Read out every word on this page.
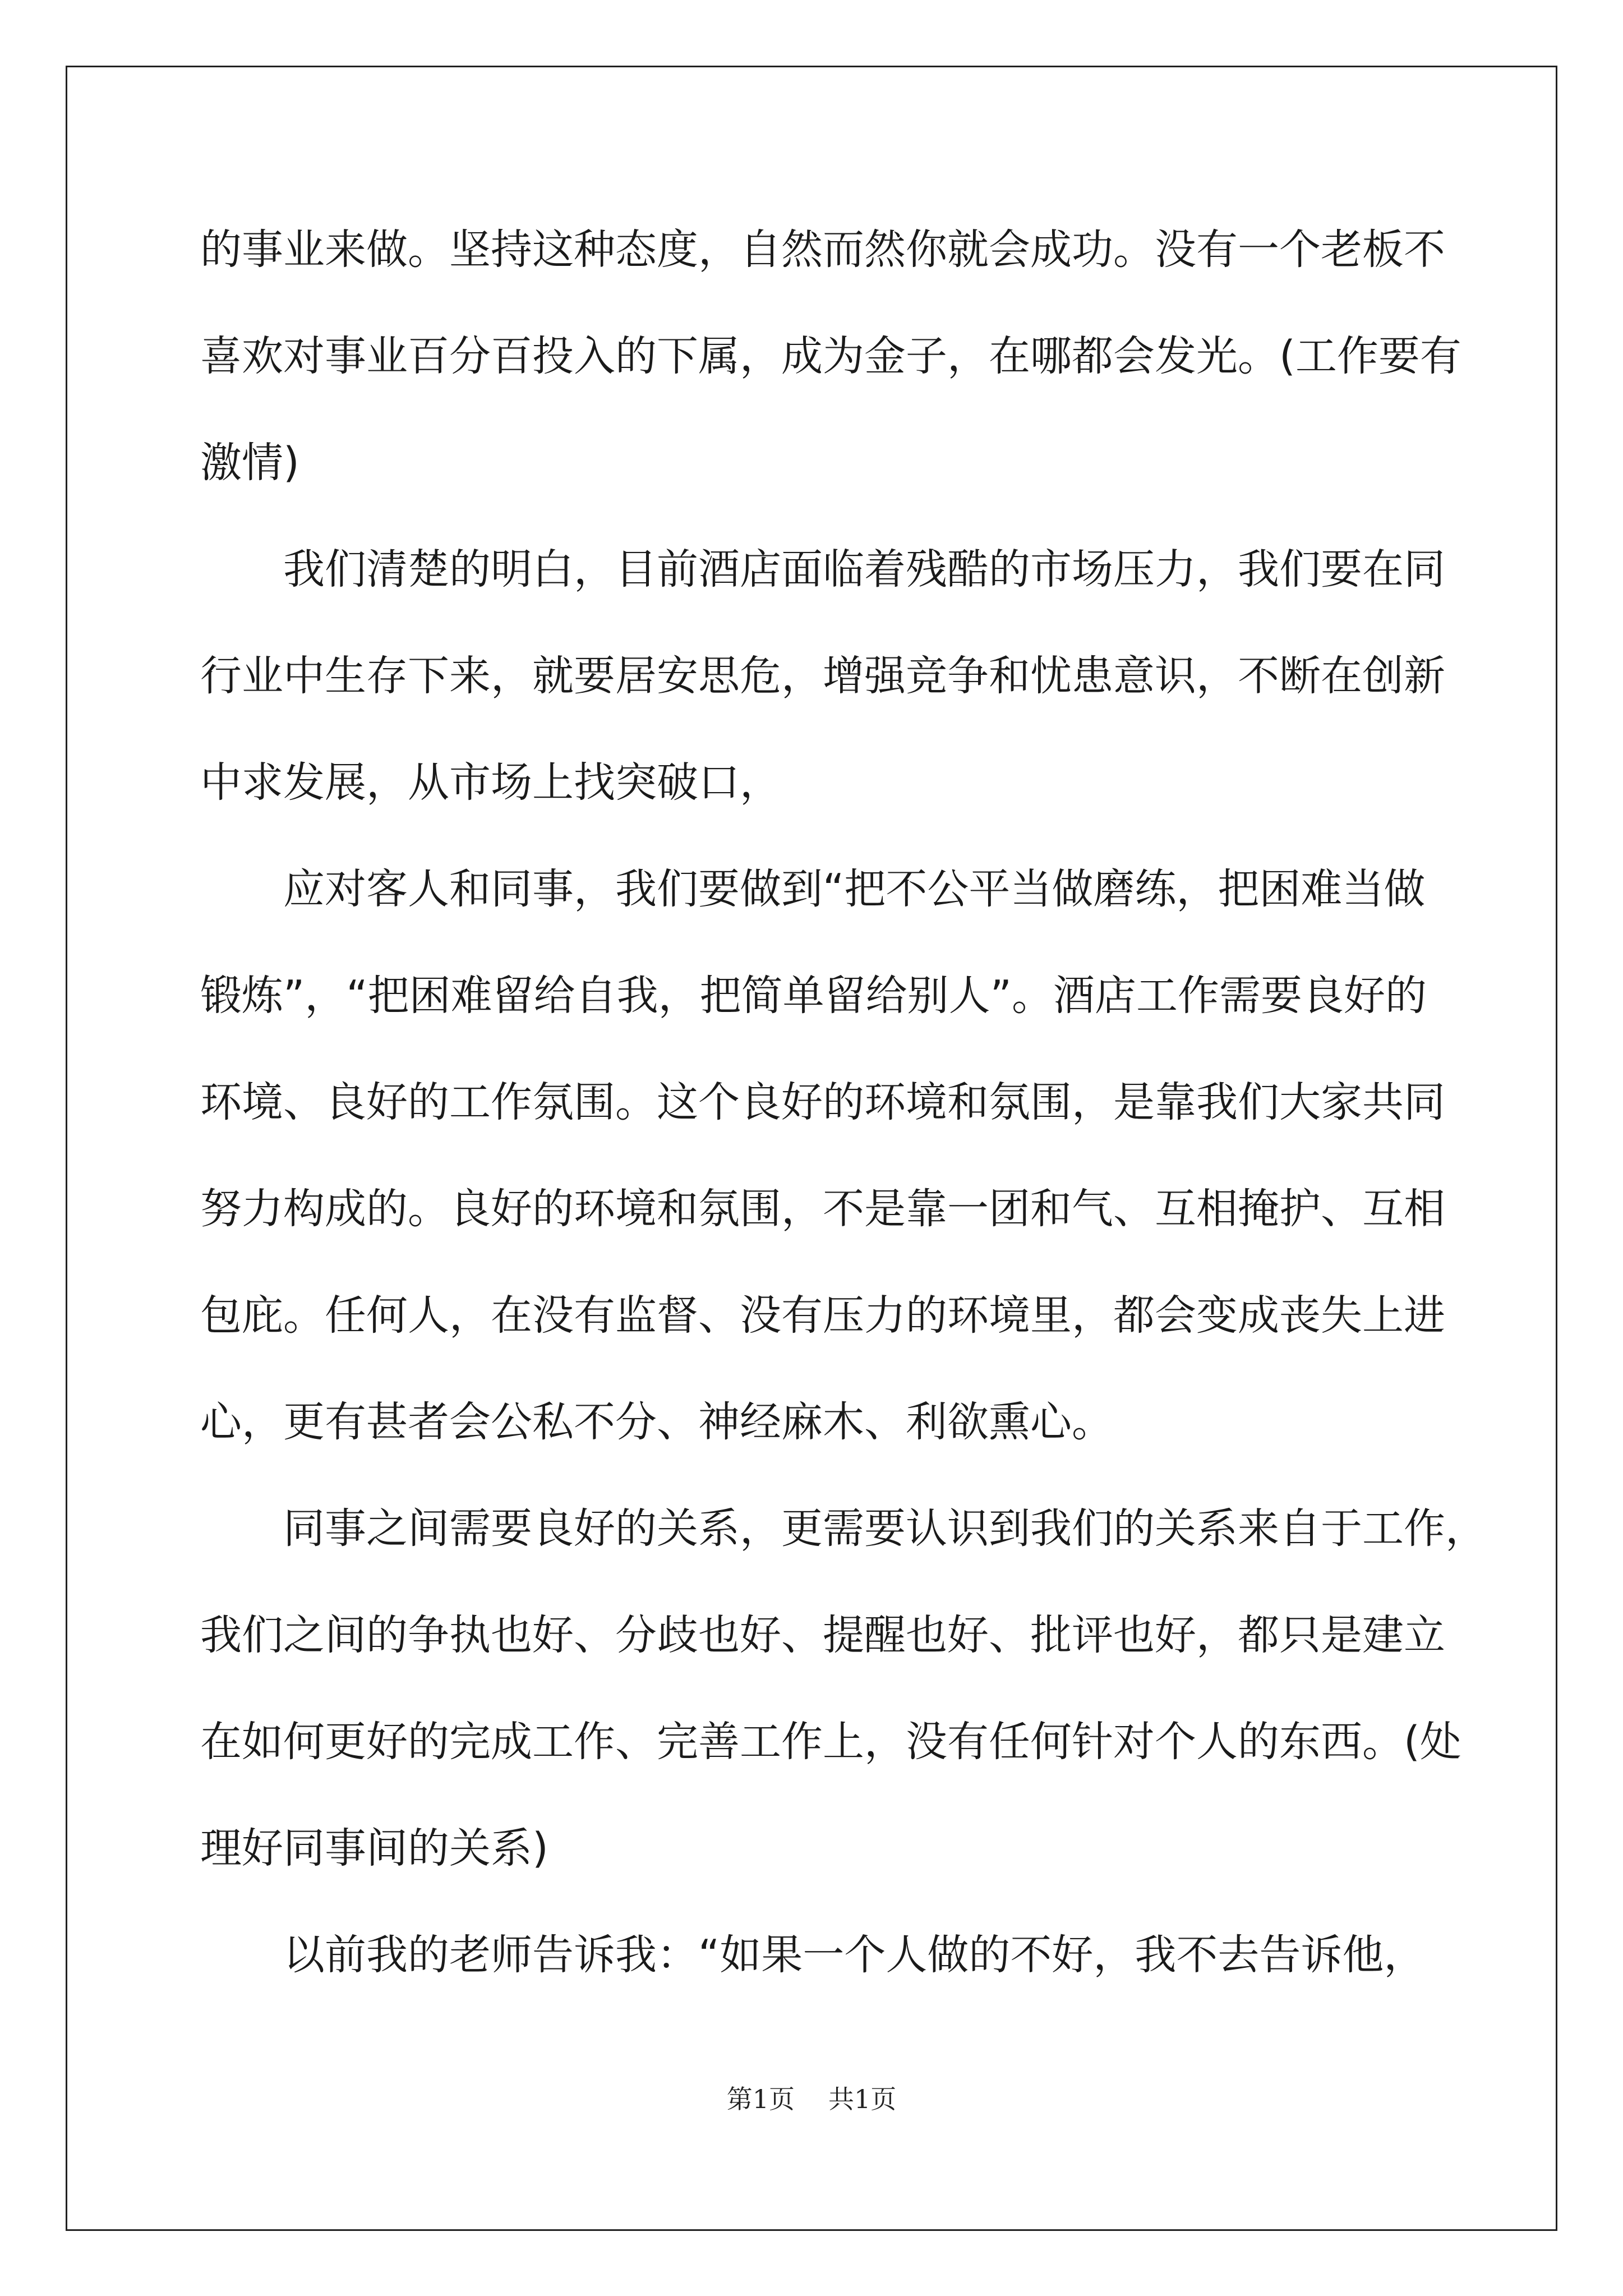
的事业来做。坚持这种态度，自然而然你就会成功。没有一个老板不
喜欢对事业百分百投入的下属，成为金子，在哪都会发光。(工作要有
激情)
我们清楚的明白，目前酒店面临着残酷的市场压力，我们要在同
行业中生存下来，就要居安思危，增强竞争和忧患意识，不断在创新
中求发展，从市场上找突破口，
应对客人和同事，我们要做到“把不公平当做磨练，把困难当做
锻炼”，“把困难留给自我，把简单留给别人”。酒店工作需要良好的
环境、良好的工作氛围。这个良好的环境和氛围，是靠我们大家共同
努力构成的。良好的环境和氛围，不是靠一团和气、互相掩护、互相
包庇。任何人，在没有监督、没有压力的环境里，都会变成丧失上进
心，更有甚者会公私不分、神经麻木、利欲熏心。
同事之间需要良好的关系，更需要认识到我们的关系来自于工作，
我们之间的争执也好、分歧也好、提醒也好、批评也好，都只是建立
在如何更好的完成工作、完善工作上，没有任何针对个人的东西。(处
理好同事间的关系)
以前我的老师告诉我：“如果一个人做的不好，我不去告诉他，
第1页 共1页
